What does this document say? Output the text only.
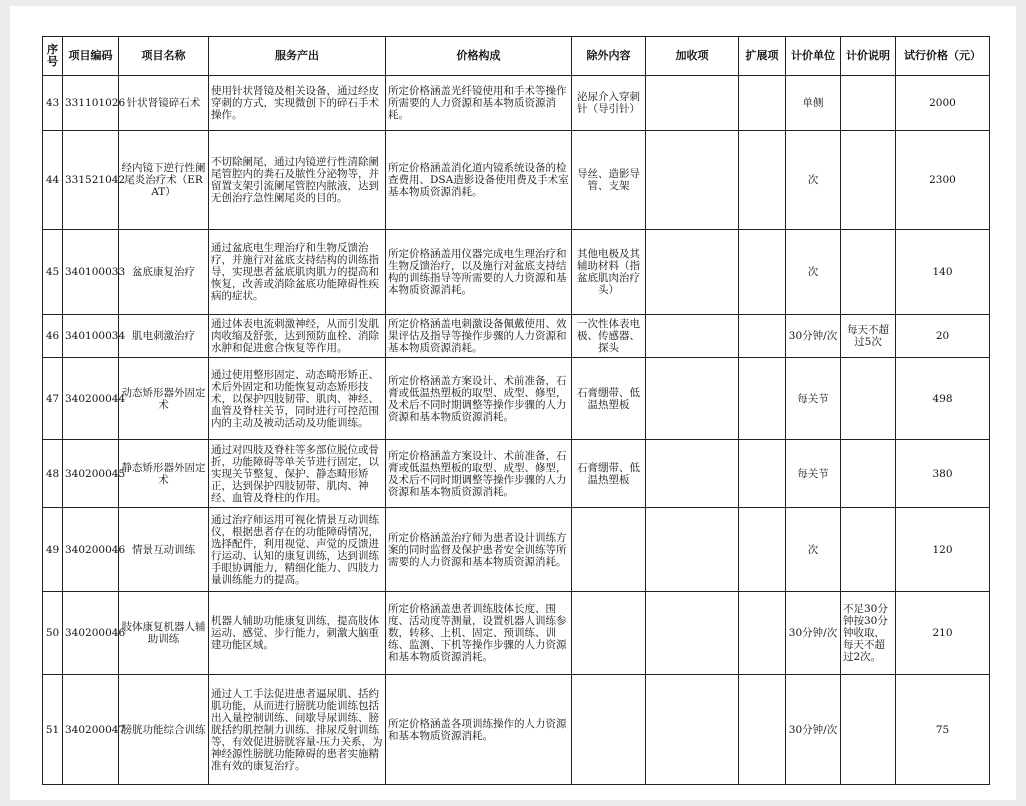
序号	项目编码	项目名称	服务产出	价格构成	除外内容	加收项	扩展项	计价单位	计价说明	试行价格（元）
43	331101026	针状肾镜碎石术	使用针状肾镜及相关设备，通过经皮穿刺的方式，实现微创下的碎石手术操作。	所定价格涵盖光纤镜使用和手术等操作所需要的人力资源和基本物质资源消耗。	泌尿介入穿刺针（导引针）			单侧		2000
44	331521042	经内镜下逆行性阑尾炎治疗术（ERAT）	不切除阑尾，通过内镜逆行性清除阑尾管腔内的粪石及脓性分泌物等，并留置支架引流阑尾管腔内脓液，达到无创治疗急性阑尾炎的目的。	所定价格涵盖消化道内镜系统设备的检查费用、DSA造影设备使用费及手术室基本物质资源消耗。	导丝、造影导管、支架			次		2300
45	340100033	盆底康复治疗	通过盆底电生理治疗和生物反馈治疗，并施行对盆底支持结构的训练指导，实现患者盆底肌肉肌力的提高和恢复，改善或消除盆底功能障碍性疾病的症状。	所定价格涵盖用仪器完成电生理治疗和生物反馈治疗，以及施行对盆底支持结构的训练指导等所需要的人力资源和基本物质资源消耗。	其他电极及其辅助材料（指盆底肌肉治疗头）			次		140
46	340100034	肌电刺激治疗	通过体表电流刺激神经，从而引发肌肉收缩及舒张，达到预防血栓、消除水肿和促进愈合恢复等作用。	所定价格涵盖电刺激设备佩戴使用、效果评估及指导等操作步骤的人力资源和基本物质资源消耗。	一次性体表电极、传感器、探头			30分钟/次	每天不超过5次	20
47	340200044	动态矫形器外固定术	通过使用整形固定、动态畸形矫正、术后外固定和功能恢复动态矫形技术，以保护四肢韧带、肌肉、神经、血管及脊柱关节，同时进行可控范围内的主动及被动活动及功能训练。	所定价格涵盖方案设计、术前准备，石膏或低温热塑板的取型、成型、修型，及术后不同时期调整等操作步骤的人力资源和基本物质资源消耗。	石膏绷带、低温热塑板			每关节		498
48	340200045	静态矫形器外固定术	通过对四肢及脊柱等多部位脱位或骨折，功能障碍等单关节进行固定，以实现关节整复、保护、静态畸形矫正，达到保护四肢韧带、肌肉、神经、血管及脊柱的作用。	所定价格涵盖方案设计、术前准备，石膏或低温热塑板的取型、成型、修型，及术后不同时期调整等操作步骤的人力资源和基本物质资源消耗。	石膏绷带、低温热塑板			每关节		380
49	340200046	情景互动训练	通过治疗师运用可视化情景互动训练仪，根据患者存在的功能障碍情况，选择配件，利用视觉、声觉的反馈进行运动、认知的康复训练，达到训练手眼协调能力，精细化能力、四肢力量训练能力的提高。	所定价格涵盖治疗师为患者设计训练方案的同时监督及保护患者安全训练等所需要的人力资源和基本物质资源消耗。				次		120
50	340200046	肢体康复机器人辅助训练	机器人辅助功能康复训练，提高肢体运动、感觉、步行能力，刺激大脑重建功能区域。	所定价格涵盖患者训练肢体长度、围度、活动度等测量，设置机器人训练参数，转移、上机、固定、预训练、训练、监测、下机等操作步骤的人力资源和基本物质资源消耗。				30分钟/次	不足30分钟按30分钟收取，每天不超过2次。	210
51	340200047	膀胱功能综合训练	通过人工手法促进患者逼尿肌、括约肌功能，从而进行膀胱功能训练包括出入量控制训练、间歇导尿训练、膀胱括约肌控制力训练、排尿反射训练等，有效促进膀胱容量-压力关系，为神经源性膀胱功能障碍的患者实施精准有效的康复治疗。	所定价格涵盖各项训练操作的人力资源和基本物质资源消耗。				30分钟/次		75
